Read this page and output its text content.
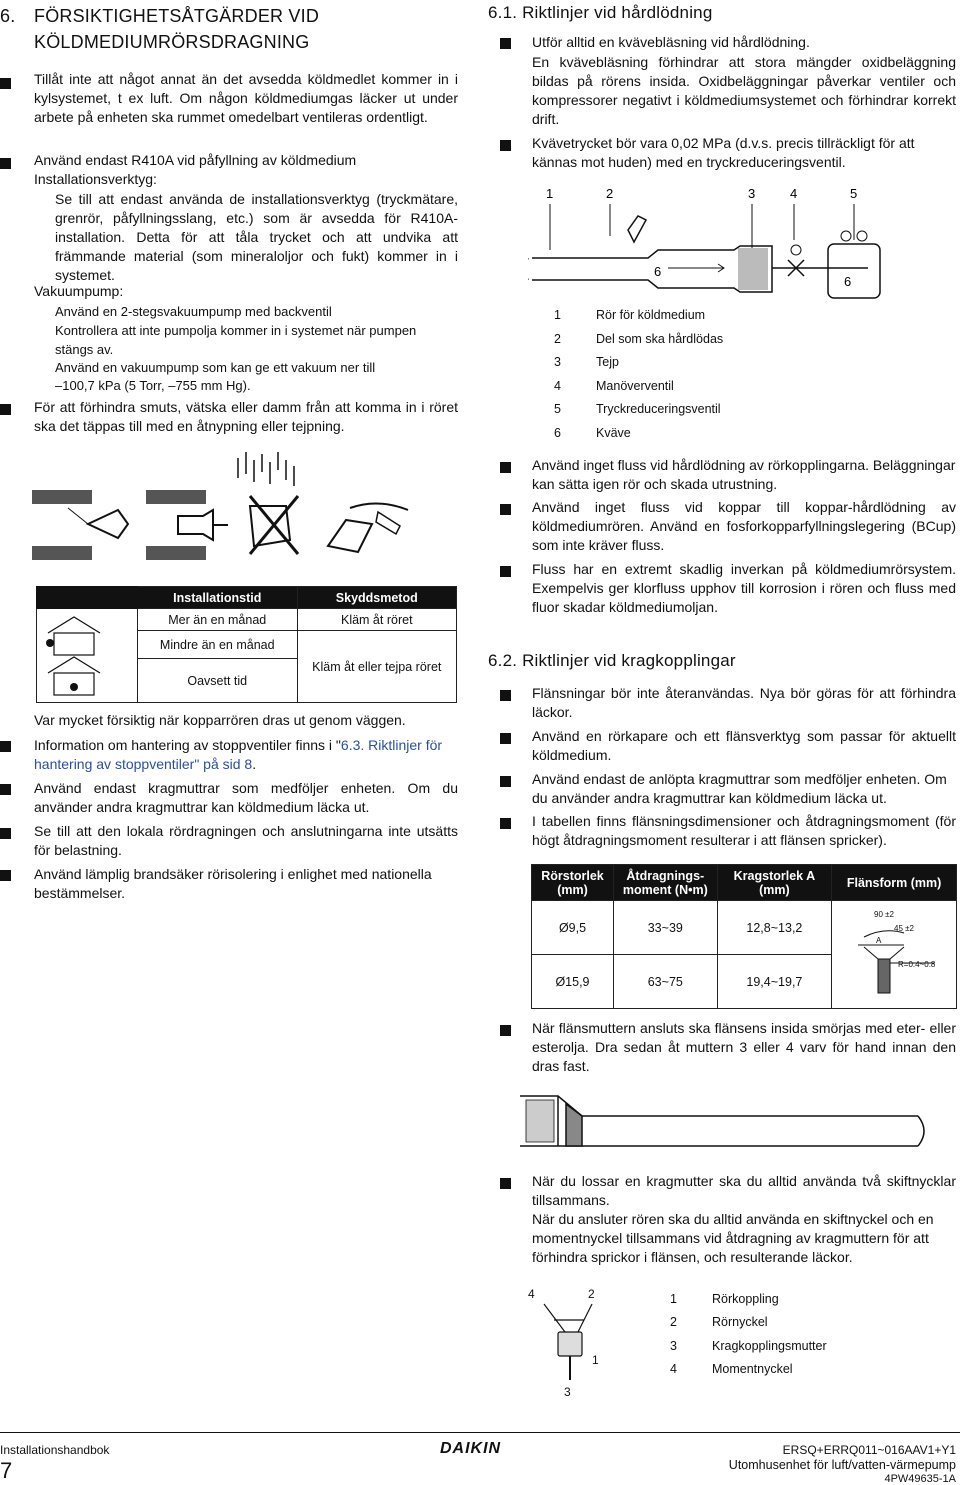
6. FÖRSIKTIGHETSÅTGÄRDER VID
KÖLDMEDIUMRÖRSDRAGNING
Tillåt inte att något annat än det avsedda köldmedlet kommer in i kylsystemet, t ex luft. Om någon köldmediumgas läcker ut under arbete på enheten ska rummet omedelbart ventileras ordentligt.
Använd endast R410A vid påfyllning av köldmedium
Installationsverktyg:
Se till att endast använda de installationsverktyg (tryckmätare, grenrör, påfyllningsslang, etc.) som är avsedda för R410A-installation. Detta för att tåla trycket och att undvika att främmande material (som mineraloljor och fukt) kommer in i systemet.
Vakuumpump:
Använd en 2-stegsvakuumpump med backventil
Kontrollera att inte pumpolja kommer in i systemet när pumpen stängs av.
Använd en vakuumpump som kan ge ett vakuum ner till
–100,7 kPa (5 Torr, –755 mm Hg).
För att förhindra smuts, vätska eller damm från att komma in i röret ska det täppas till med en åtnypning eller tejpning.
	Installationstid	Skyddsmetod
	Mer än en månad	Kläm åt röret
	Mindre än en månad	Kläm åt eller tejpa röret
	Oavsett tid	
Var mycket försiktig när kopparrören dras ut genom väggen.
Information om hantering av stoppventiler finns i "6.3. Riktlinjer för hantering av stoppventiler" på sid 8.
Använd endast kragmuttrar som medföljer enheten. Om du använder andra kragmuttrar kan köldmedium läcka ut.
Se till att den lokala rördragningen och anslutningarna inte utsätts för belastning.
Använd lämplig brandsäker rörisolering i enlighet med nationella bestämmelser.
6.1. Riktlinjer vid hårdlödning
Utför alltid en kvävebläsning vid hårdlödning.
En kvävebläsning förhindrar att stora mängder oxidbeläggning bildas på rörens insida. Oxidbeläggningar påverkar ventiler och kompressorer negativt i köldmediumsystemet och förhindrar korrekt drift.
Kvävetrycket bör vara 0,02 MPa (d.v.s. precis tillräckligt för att kännas mot huden) med en tryckreduceringsventil.
1	2	3	4	5
6
6
1	Rör för köldmedium
2	Del som ska hårdlödas
3	Tejp
4	Manöverventil
5	Tryckreduceringsventil
6	Kväve
Använd inget fluss vid hårdlödning av rörkopplingarna. Beläggningar kan sätta igen rör och skada utrustning.
Använd inget fluss vid koppar till koppar-hårdlödning av köldmediumrören. Använd en fosforkopparfyllningslegering (BCup) som inte kräver fluss.
Fluss har en extremt skadlig inverkan på köldmediumrörsystem. Exempelvis ger klorfluss upphov till korrosion i rören och fluss med fluor skadar köldmediumoljan.
6.2. Riktlinjer vid kragkopplingar
Flänsningar bör inte återanvändas. Nya bör göras för att förhindra läckor.
Använd en rörkapare och ett flänsverktyg som passar för aktuellt köldmedium.
Använd endast de anlöpta kragmuttrar som medföljer enheten. Om du använder andra kragmuttrar kan köldmedium läcka ut.
I tabellen finns flänsningsdimensioner och åtdragningsmoment (för högt åtdragningsmoment resulterar i att flänsen spricker).
Rörstorlek (mm)	Åtdragnings-moment (N•m)	Kragstorlek A (mm)	Flänsform (mm)
Ø9,5	33~39	12,8~13,2	90 ±2
45 ±2
A
R=0.4~0.8

Ø15,9	63~75	19,4~19,7	
När flänsmuttern ansluts ska flänsens insida smörjas med eter- eller esterolja. Dra sedan åt muttern 3 eller 4 varv för hand innan den dras fast.
När du lossar en kragmutter ska du alltid använda två skiftnycklar tillsammans.
När du ansluter rören ska du alltid använda en skiftnyckel och en momentnyckel tillsammans vid åtdragning av kragmuttern för att förhindra sprickor i flänsen, och resulterande läckor.
4	2
1
3
1	Rörkoppling
2	Rörnyckel
3	Kragkopplingsmutter
4	Momentnyckel
Installationshandbok
7
DAIKIN	ERSQ+ERRQ011~016AAV1+Y1
Utomhusenhet för luft/vatten-värmepump
4PW49635-1A
